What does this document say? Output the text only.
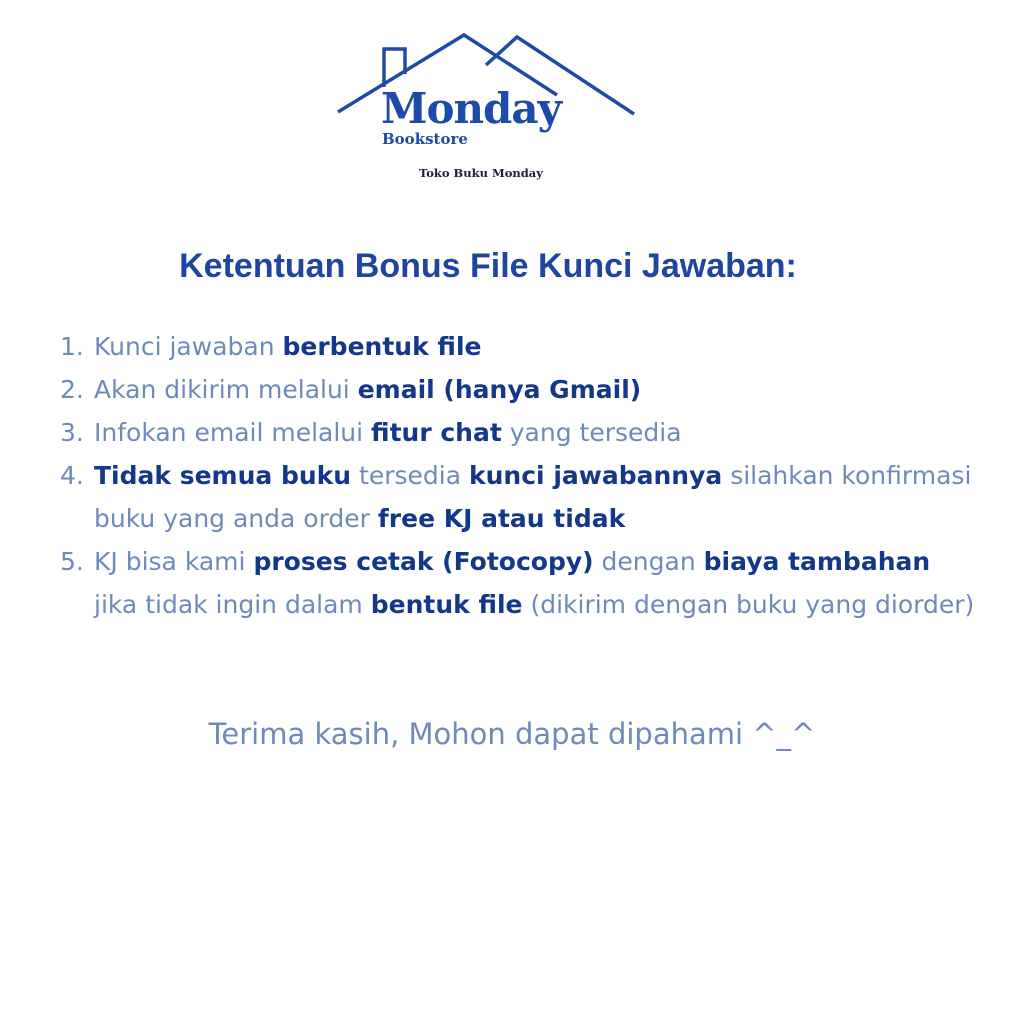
Monday
Bookstore
Toko Buku Monday
Ketentuan Bonus File Kunci Jawaban:
1. Kunci jawaban berbentuk file
2. Akan dikirim melalui email (hanya Gmail)
3. Infokan email melalui fitur chat yang tersedia
4. Tidak semua buku tersedia kunci jawabannya silahkan konfirmasi buku yang anda order free KJ atau tidak
5. KJ bisa kami proses cetak (Fotocopy) dengan biaya tambahan jika tidak ingin dalam bentuk file (dikirim dengan buku yang diorder)
Terima kasih, Mohon dapat dipahami ^_^
